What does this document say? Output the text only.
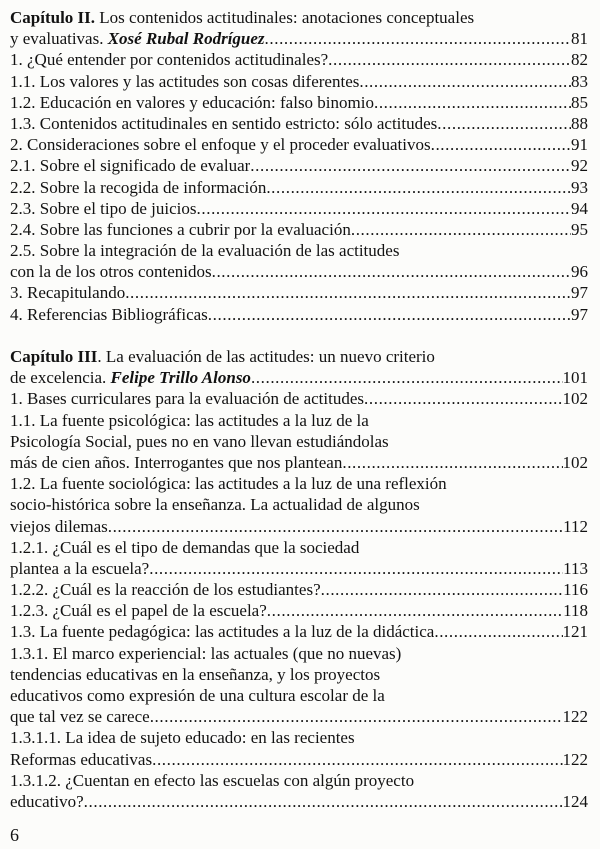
Capítulo II. Los contenidos actitudinales: anotaciones conceptuales
y evaluativas. Xosé Rubal Rodríguez .....	81
1. ¿Qué entender por contenidos actitudinales? .....	82
1.1. Los valores y las actitudes son cosas diferentes .....	83
1.2. Educación en valores y educación: falso binomio .....	85
1.3. Contenidos actitudinales en sentido estricto: sólo actitudes .....	88
2. Consideraciones sobre el enfoque y el proceder evaluativos .....	91
2.1. Sobre el significado de evaluar .....	92
2.2. Sobre la recogida de información .....	93
2.3. Sobre el tipo de juicios .....	94
2.4. Sobre las funciones a cubrir por la evaluación .....	95
2.5. Sobre la integración de la evaluación de las actitudes
con la de los otros contenidos .....	96
3. Recapitulando .....	97
4. Referencias Bibliográficas .....	97
Capítulo III. La evaluación de las actitudes: un nuevo criterio
de excelencia. Felipe Trillo Alonso .....	101
1. Bases curriculares para la evaluación de actitudes .....	102
1.1. La fuente psicológica: las actitudes a la luz de la
Psicología Social, pues no en vano llevan estudiándolas
más de cien años. Interrogantes que nos plantean .....	102
1.2. La fuente sociológica: las actitudes a la luz de una reflexión
socio-histórica sobre la enseñanza. La actualidad de algunos
viejos dilemas .....	112
1.2.1. ¿Cuál es el tipo de demandas que la sociedad
plantea a la escuela? .....	113
1.2.2. ¿Cuál es la reacción de los estudiantes? .....	116
1.2.3. ¿Cuál es el papel de la escuela? .....	118
1.3. La fuente pedagógica: las actitudes a la luz de la didáctica .....	121
1.3.1. El marco experiencial: las actuales (que no nuevas)
tendencias educativas en la enseñanza, y los proyectos
educativos como expresión de una cultura escolar de la
que tal vez se carece .....	122
1.3.1.1. La idea de sujeto educado: en las recientes
Reformas educativas .....	122
1.3.1.2. ¿Cuentan en efecto las escuelas con algún proyecto
educativo? .....	124
6
